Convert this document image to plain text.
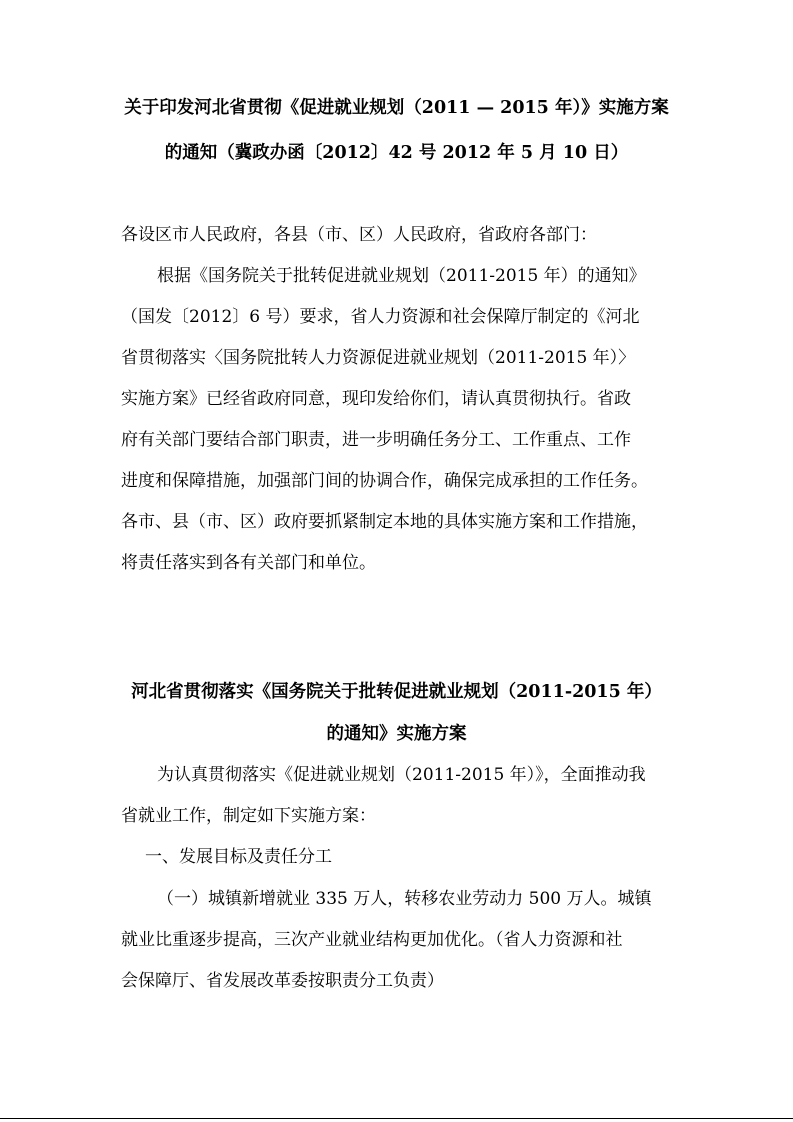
关于印发河北省贯彻《促进就业规划（2011 — 2015 年）》实施方案
的通知（冀政办函〔2012〕42 号 2012 年 5 月 10 日）
各设区市人民政府，各县（市、区）人民政府，省政府各部门：
根据《国务院关于批转促进就业规划（2011-2015 年）的通知》
（国发〔2012〕6 号）要求，省人力资源和社会保障厅制定的《河北
省贯彻落实〈国务院批转人力资源促进就业规划（2011-2015 年）〉
实施方案》已经省政府同意，现印发给你们，请认真贯彻执行。省政
府有关部门要结合部门职责，进一步明确任务分工、工作重点、工作
进度和保障措施，加强部门间的协调合作，确保完成承担的工作任务。
各市、县（市、区）政府要抓紧制定本地的具体实施方案和工作措施，
将责任落实到各有关部门和单位。
河北省贯彻落实《国务院关于批转促进就业规划（2011-2015 年）
的通知》实施方案
为认真贯彻落实《促进就业规划（2011-2015 年）》，全面推动我
省就业工作，制定如下实施方案：
一、发展目标及责任分工
（一）城镇新增就业 335 万人，转移农业劳动力 500 万人。城镇
就业比重逐步提高，三次产业就业结构更加优化。（省人力资源和社
会保障厅、省发展改革委按职责分工负责）
